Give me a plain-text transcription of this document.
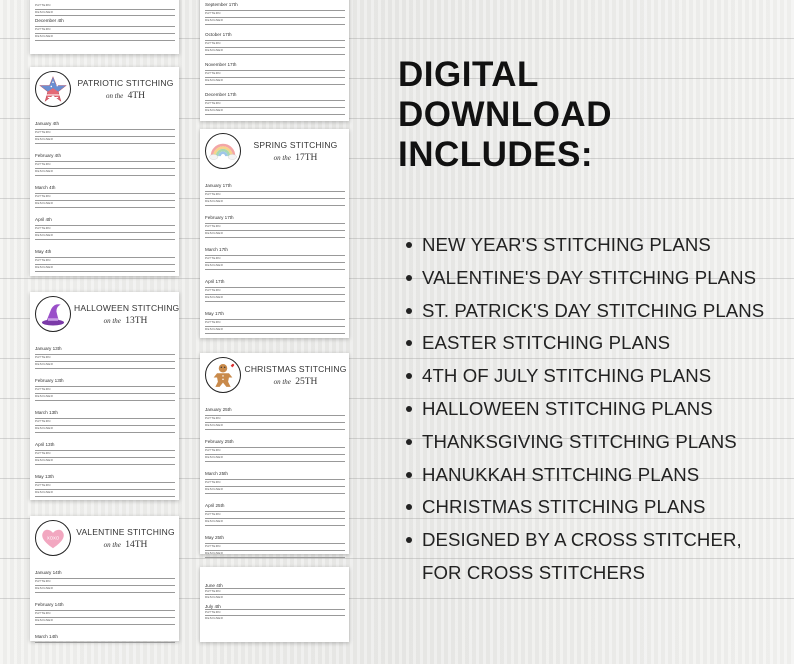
PATTERN
DESIGNER
December 4th
PATTERN
DESIGNER
September 17th
PATTERN
DESIGNER
October 17th
PATTERN
DESIGNER
November 17th
PATTERN
DESIGNER
December 17th
PATTERN
DESIGNER
PATRIOTIC STITCHING
on the 4TH
January 4th
PATTERN
DESIGNER
February 4th
PATTERN
DESIGNER
March 4th
PATTERN
DESIGNER
April 4th
PATTERN
DESIGNER
May 4th
PATTERN
DESIGNER
SPRING STITCHING
on the 17TH
January 17th
PATTERN
DESIGNER
February 17th
PATTERN
DESIGNER
March 17th
PATTERN
DESIGNER
April 17th
PATTERN
DESIGNER
May 17th
PATTERN
DESIGNER
HALLOWEEN STITCHING
on the 13TH
January 13th
PATTERN
DESIGNER
February 13th
PATTERN
DESIGNER
March 13th
PATTERN
DESIGNER
April 13th
PATTERN
DESIGNER
May 13th
PATTERN
DESIGNER
CHRISTMAS STITCHING
on the 25TH
January 25th
PATTERN
DESIGNER
February 25th
PATTERN
DESIGNER
March 25th
PATTERN
DESIGNER
April 25th
PATTERN
DESIGNER
May 25th
PATTERN
DESIGNER
XOXO
VALENTINE STITCHING
on the 14TH
January 14th
PATTERN
DESIGNER
February 14th
PATTERN
DESIGNER
March 14th
June 4th
PATTERN
DESIGNER
July 4th
PATTERN
DESIGNER
DIGITAL
DOWNLOAD
INCLUDES:
NEW YEAR'S STITCHING PLANS
VALENTINE'S DAY STITCHING PLANS
ST. PATRICK'S DAY STITCHING PLANS
EASTER STITCHING PLANS
4TH OF JULY STITCHING PLANS
HALLOWEEN STITCHING PLANS
THANKSGIVING STITCHING PLANS
HANUKKAH STITCHING PLANS
CHRISTMAS STITCHING PLANS
DESIGNED BY A CROSS STITCHER,
FOR CROSS STITCHERS
